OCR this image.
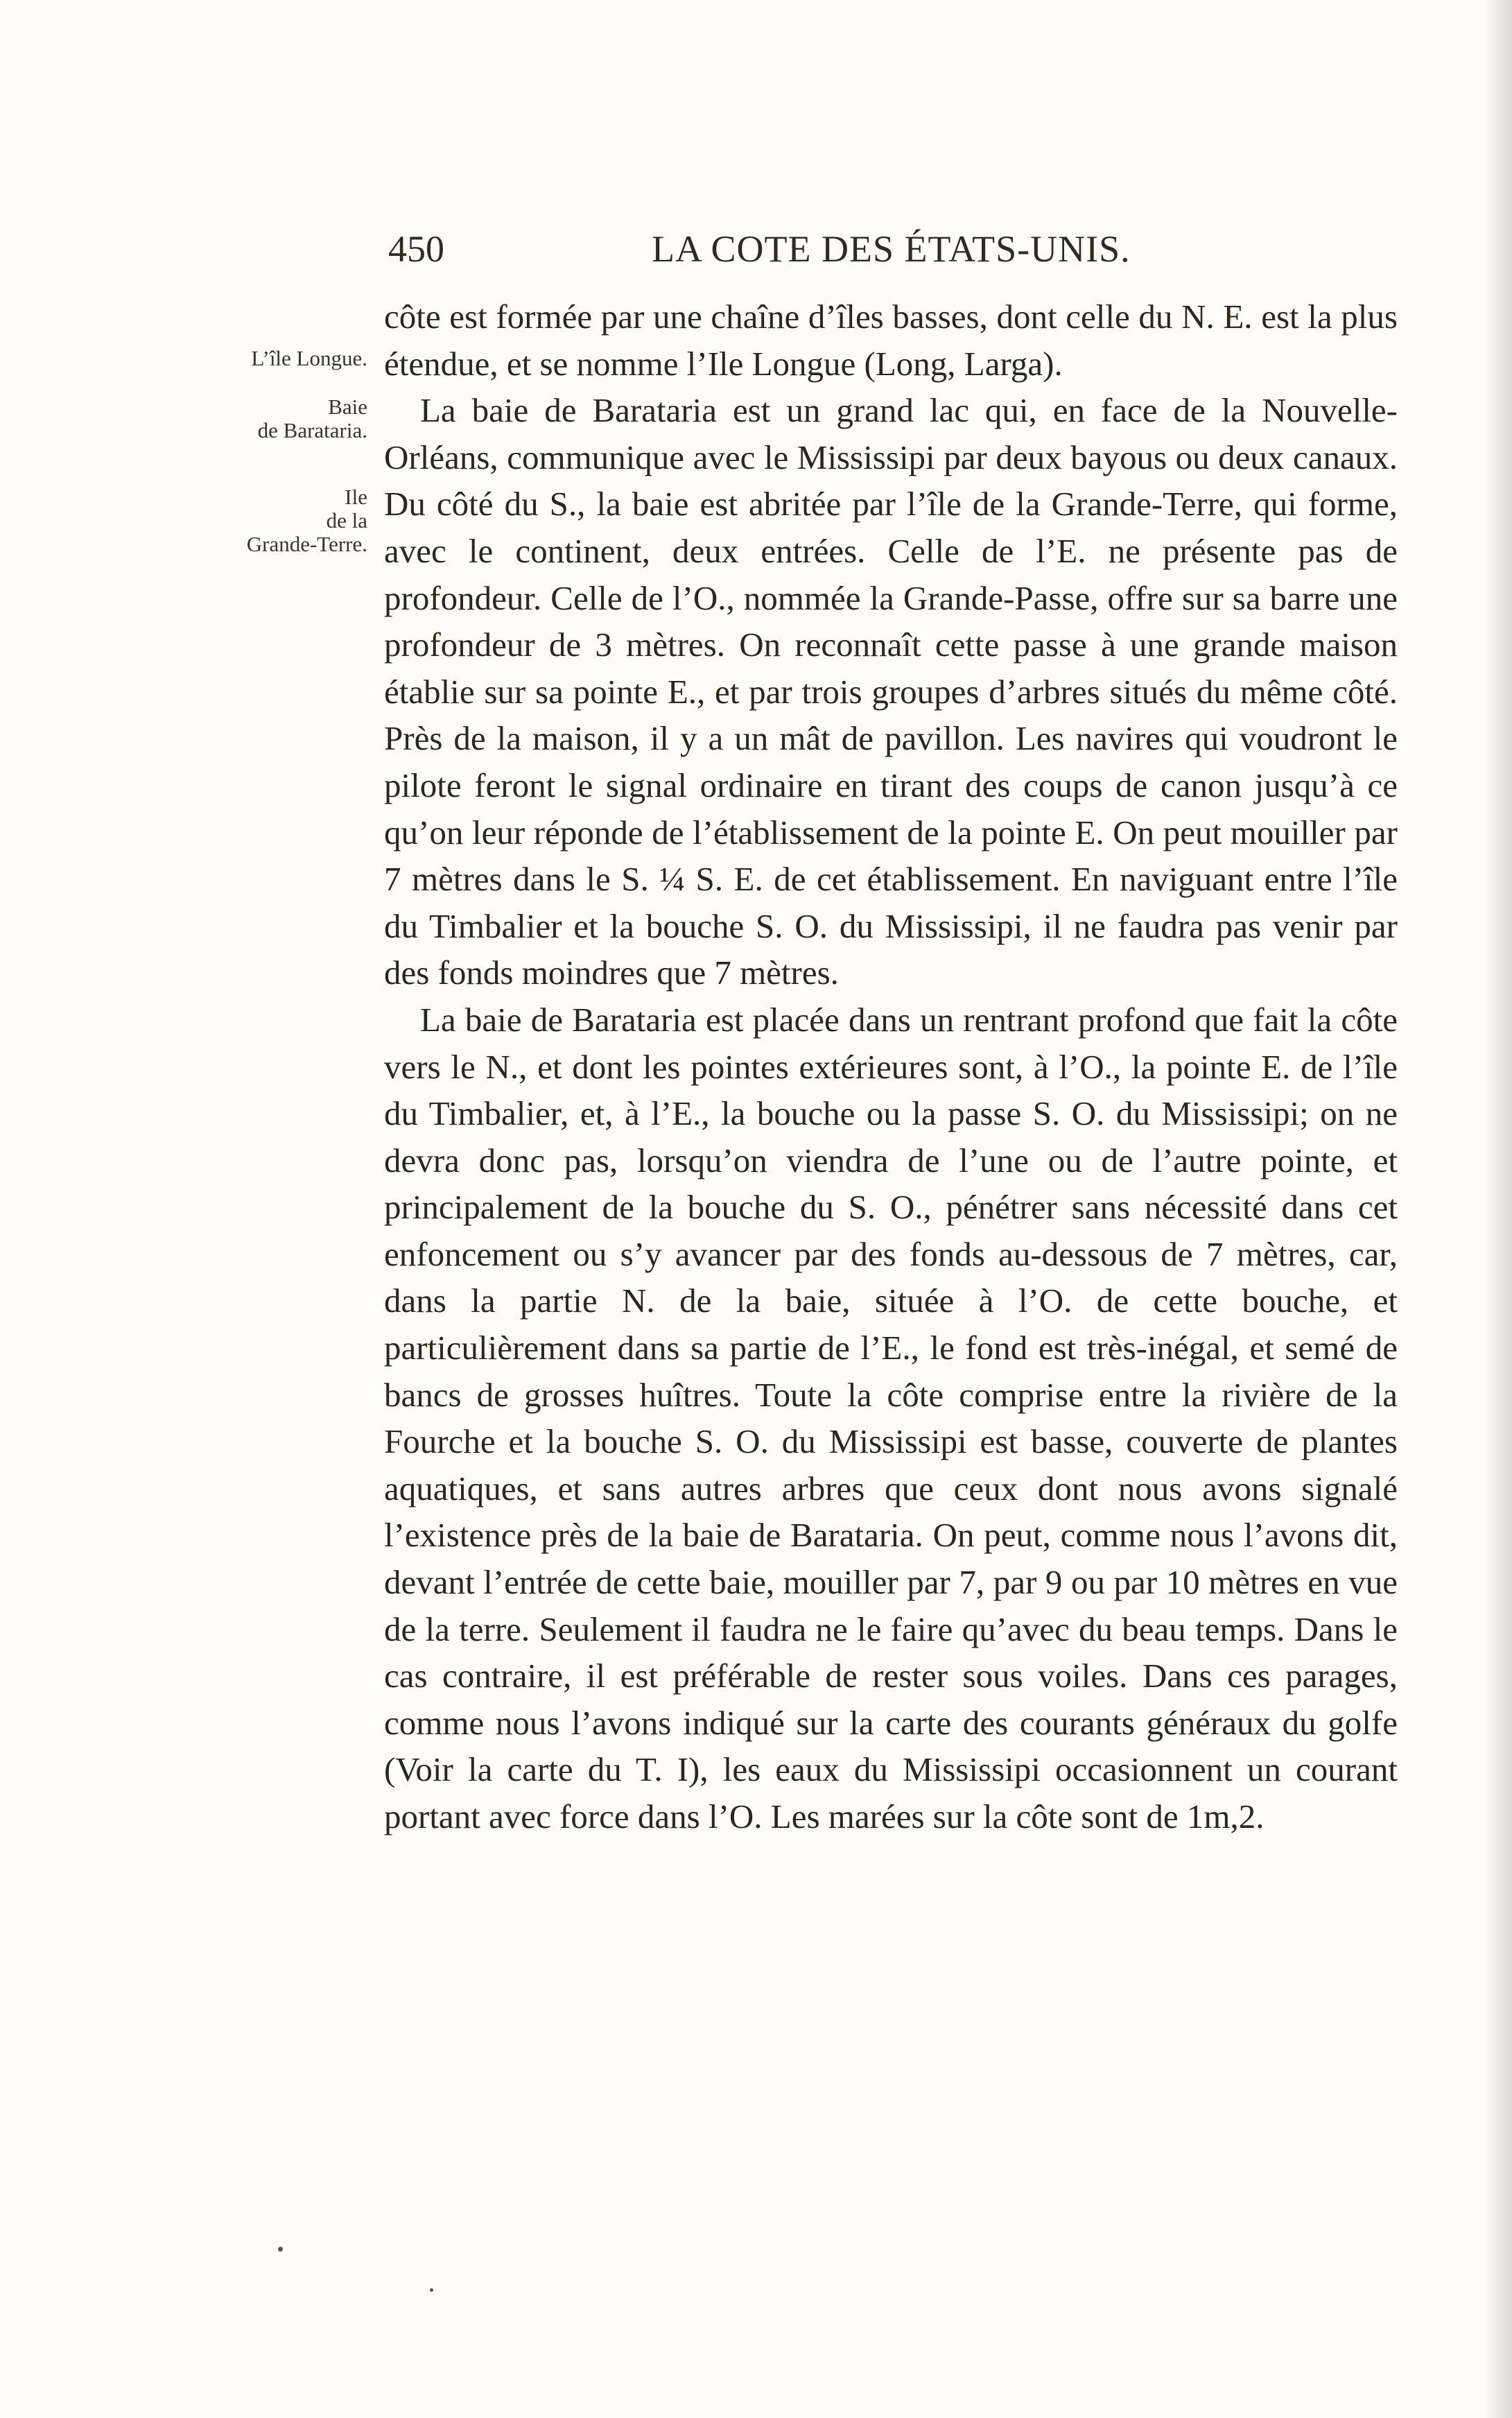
450	LA COTE DES ÉTATS-UNIS.
L’île Longue.
Baie
de Barataria.
Ile
de la
Grande-Terre.

côte est formée par une chaîne d’îles basses, dont celle du N. E. est la plus étendue, et se nomme l’Ile Longue (Long, Larga).

La baie de Barataria est un grand lac qui, en face de la Nouvelle-Orléans, communique avec le Mississipi par deux bayous ou deux canaux. Du côté du S., la baie est abritée par l’île de la Grande-Terre, qui forme, avec le continent, deux entrées. Celle de l’E. ne présente pas de profondeur. Celle de l’O., nommée la Grande-Passe, offre sur sa barre une profondeur de 3 mètres. On reconnaît cette passe à une grande maison établie sur sa pointe E., et par trois groupes d’arbres situés du même côté. Près de la maison, il y a un mât de pavillon. Les navires qui voudront le pilote feront le signal ordinaire en tirant des coups de canon jusqu’à ce qu’on leur réponde de l’établissement de la pointe E. On peut mouiller par 7 mètres dans le S. ¼ S. E. de cet établissement. En naviguant entre l’île du Timbalier et la bouche S. O. du Mississipi, il ne faudra pas venir par des fonds moindres que 7 mètres.

La baie de Barataria est placée dans un rentrant profond que fait la côte vers le N., et dont les pointes extérieures sont, à l’O., la pointe E. de l’île du Timbalier, et, à l’E., la bouche ou la passe S. O. du Mississipi; on ne devra donc pas, lorsqu’on viendra de l’une ou de l’autre pointe, et principalement de la bouche du S. O., pénétrer sans nécessité dans cet enfoncement ou s’y avancer par des fonds au-dessous de 7 mètres, car, dans la partie N. de la baie, située à l’O. de cette bouche, et particulièrement dans sa partie de l’E., le fond est très-inégal, et semé de bancs de grosses huîtres. Toute la côte comprise entre la rivière de la Fourche et la bouche S. O. du Mississipi est basse, couverte de plantes aquatiques, et sans autres arbres que ceux dont nous avons signalé l’existence près de la baie de Barataria. On peut, comme nous l’avons dit, devant l’entrée de cette baie, mouiller par 7, par 9 ou par 10 mètres en vue de la terre. Seulement il faudra ne le faire qu’avec du beau temps. Dans le cas contraire, il est préférable de rester sous voiles. Dans ces parages, comme nous l’avons indiqué sur la carte des courants généraux du golfe (Voir la carte du T. I), les eaux du Mississipi occasionnent un courant portant avec force dans l’O. Les marées sur la côte sont de 1m,2.
